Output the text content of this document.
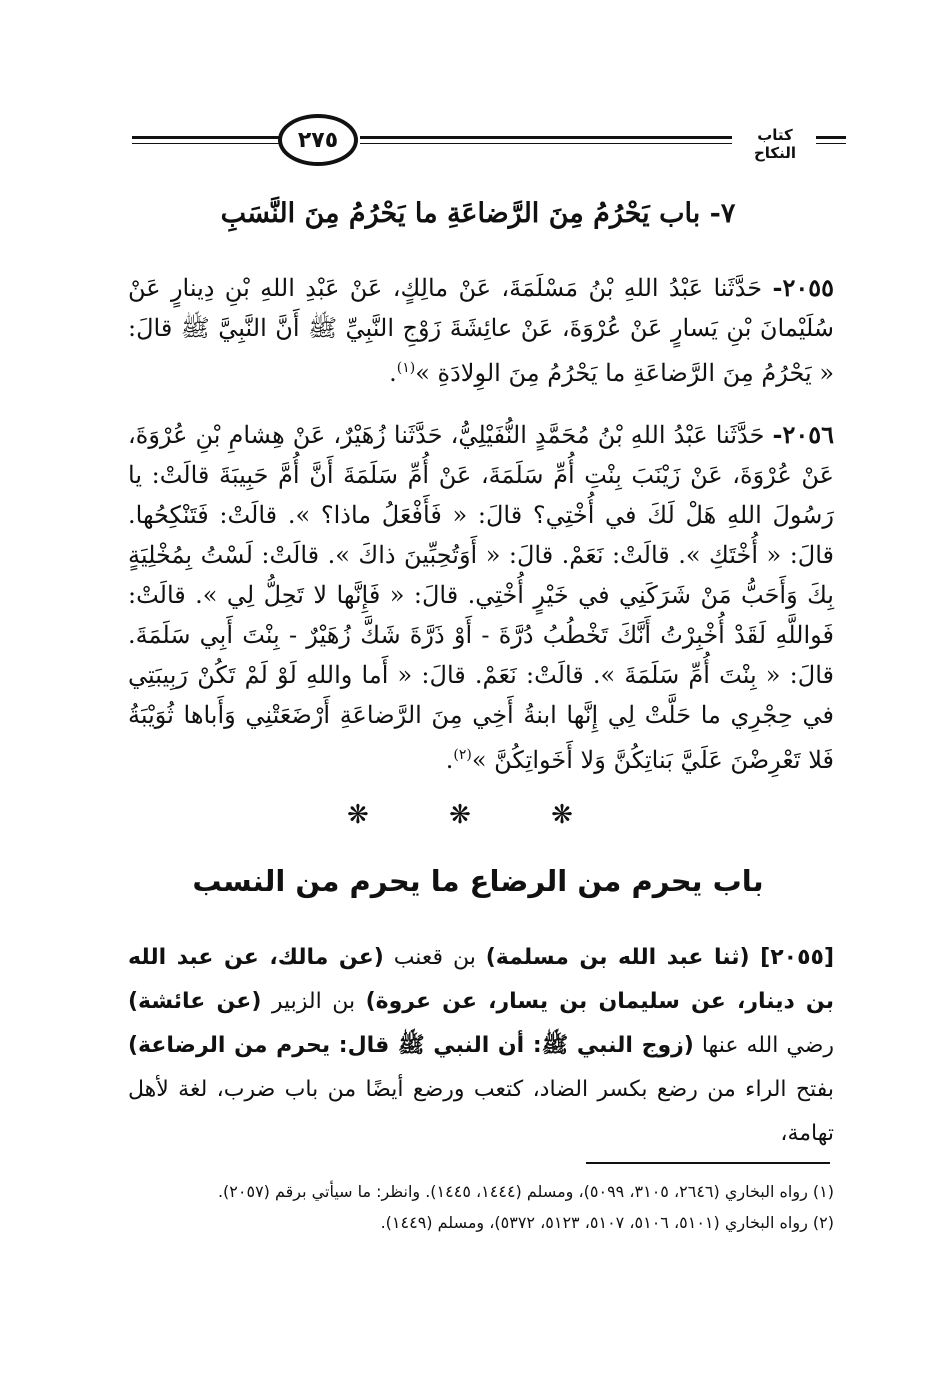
٢٧٥	كتاب النكاح
٧- باب يَحْرُمُ مِنَ الرَّضاعَةِ ما يَحْرُمُ مِنَ النَّسَبِ
٢٠٥٥- حَدَّثَنا عَبْدُ اللهِ بْنُ مَسْلَمَةَ، عَنْ مالِكٍ، عَنْ عَبْدِ اللهِ بْنِ دِينارٍ عَنْ سُلَيْمانَ بْنِ يَسارٍ عَنْ عُرْوَةَ، عَنْ عائِشَةَ زَوْجِ النَّبِيِّ ﷺ أَنَّ النَّبِيَّ ﷺ قالَ: « يَحْرُمُ مِنَ الرَّضاعَةِ ما يَحْرُمُ مِنَ الوِلادَةِ »$^{(١)}$.
٢٠٥٦- حَدَّثَنا عَبْدُ اللهِ بْنُ مُحَمَّدٍ النُّفَيْلِيُّ، حَدَّثَنا زُهَيْرٌ، عَنْ هِشامِ بْنِ عُرْوَةَ، عَنْ عُرْوَةَ، عَنْ زَيْنَبَ بِنْتِ أُمِّ سَلَمَةَ، عَنْ أُمِّ سَلَمَةَ أَنَّ أُمَّ حَبِيبَةَ قالَتْ: يا رَسُولَ اللهِ هَلْ لَكَ في أُخْتِي؟ قالَ: « فَأَفْعَلُ ماذا؟ ». قالَتْ: فَتَنْكِحُها. قالَ: « أُخْتَكِ ». قالَتْ: نَعَمْ. قالَ: « أَوَتُحِبِّينَ ذاكَ ». قالَتْ: لَسْتُ بِمُخْلِيَةٍ بِكَ وَأَحَبُّ مَنْ شَرَكَنِي في خَيْرٍ أُخْتِي. قالَ: « فَإِنَّها لا تَحِلُّ لِي ». قالَتْ: فَواللَّهِ لَقَدْ أُخْبِرْتُ أَنَّكَ تَخْطُبُ دُرَّةَ - أَوْ ذَرَّةَ شَكَّ زُهَيْرٌ - بِنْتَ أَبِي سَلَمَةَ. قالَ: « بِنْتَ أُمِّ سَلَمَةَ ». قالَتْ: نَعَمْ. قالَ: « أَما واللهِ لَوْ لَمْ تَكُنْ رَبِيبَتِي في حِجْرِي ما حَلَّتْ لِي إِنَّها ابنةُ أَخِي مِنَ الرَّضاعَةِ أَرْضَعَتْنِي وَأَباها ثُوَيْبَةُ فَلا تَعْرِضْنَ عَلَيَّ بَناتِكُنَّ وَلا أَخَواتِكُنَّ »$^{(٢)}$.
❋ ❋ ❋
باب يحرم من الرضاع ما يحرم من النسب
[٢٠٥٥] (ثنا عبد الله بن مسلمة) بن قعنب (عن مالك، عن عبد الله بن دينار، عن سليمان بن يسار، عن عروة) بن الزبير (عن عائشة) رضي الله عنها (زوج النبي ﷺ: أن النبي ﷺ قال: يحرم من الرضاعة) بفتح الراء من رضع بكسر الضاد، كتعب ورضع أيضًا من باب ضرب، لغة لأهل تهامة،

(١) رواه البخاري (٢٦٤٦، ٣١٠٥، ٥٠٩٩)، ومسلم (١٤٤٤، ١٤٤٥). وانظر: ما سيأتي برقم (٢٠٥٧).

(٢) رواه البخاري (٥١٠١، ٥١٠٦، ٥١٠٧، ٥١٢٣، ٥٣٧٢)، ومسلم (١٤٤٩).
